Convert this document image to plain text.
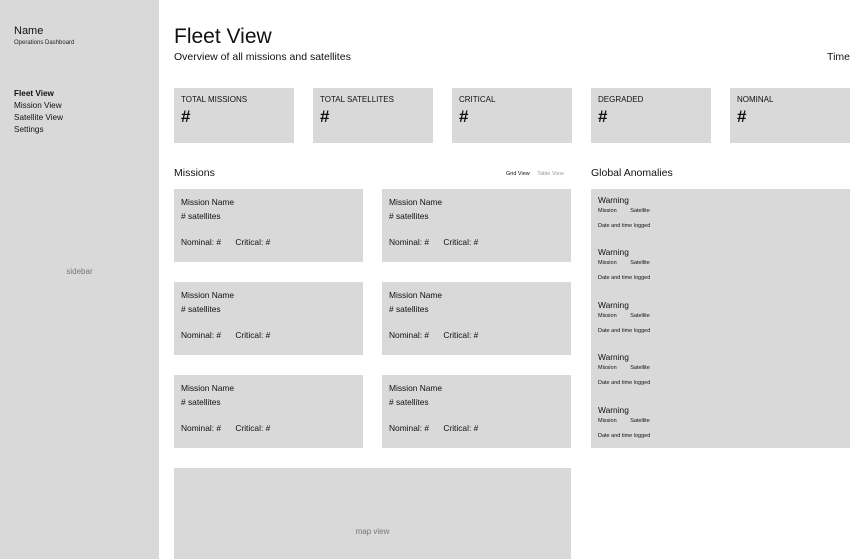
Name
Operations Dashboard
Fleet View
Mission View
Satellite View
Settings
sidebar
Fleet View
Overview of all missions and satellites	Time
TOTAL MISSIONS
#
TOTAL SATELLITES
#
CRITICAL
#
DEGRADED
#
NOMINAL
#
Missions	Grid View Table View
Mission Name
# satellites
Nominal: # Critical: #
Mission Name
# satellites
Nominal: # Critical: #
Mission Name
# satellites
Nominal: # Critical: #
Mission Name
# satellites
Nominal: # Critical: #
Mission Name
# satellites
Nominal: # Critical: #
Mission Name
# satellites
Nominal: # Critical: #
Global Anomalies
Warning
Mission Satellite
Date and time logged
Warning
Mission Satellite
Date and time logged
Warning
Mission Satellite
Date and time logged
Warning
Mission Satellite
Date and time logged
Warning
Mission Satellite
Date and time logged
map view
